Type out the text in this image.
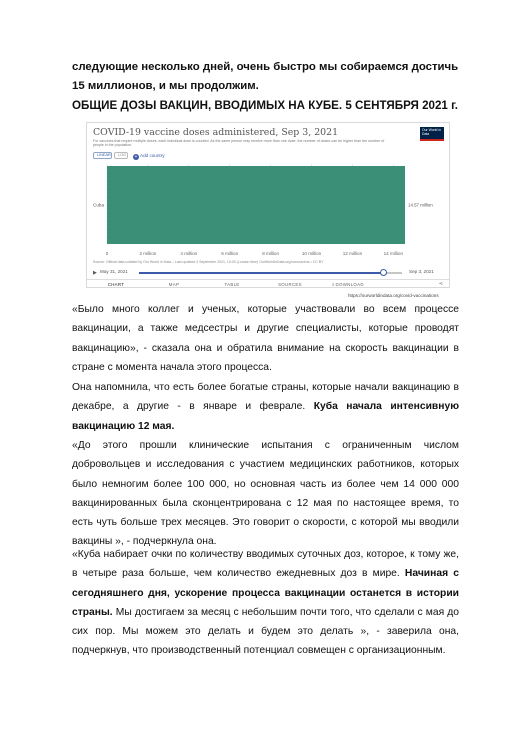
следующие несколько дней, очень быстро мы собираемся достичь 15 миллионов, и мы продолжим.

ОБЩИЕ ДОЗЫ ВАКЦИН, ВВОДИМЫХ НА КУБЕ. 5 СЕНТЯБРЯ 2021 г.
COVID-19 vaccine doses administered, Sep 3, 2021
For vaccines that require multiple doses, each individual dose is counted. As the same person may receive more than one dose, the number of doses can be higher than the number of people in the population.
Our World in Data
LINEAR	LOG	+ Add country
0	2 million	4 million	6 million	8 million	10 million	12 million	14 million
Cuba	14.57 million
Source: Official data collated by Our World in Data – Last updated 4 September 2021, 10:00 (London time) OurWorldInData.org/coronavirus • CC BY
▶ May 31, 2021	Sep 3, 2021
CHART	MAP	TABLE	SOURCES	⭳ DOWNLOAD	⋖
https://ourworldindata.org/covid-vaccinations

«Было много коллег и ученых, которые участвовали во всем процессе вакцинации, а также медсестры и другие специалисты, которые проводят вакцинацию», - сказала она и обратила внимание на скорость вакцинации в стране с момента начала этого процесса.

Она напомнила, что есть более богатые страны, которые начали вакцинацию в декабре, а другие - в январе и феврале. Куба начала интенсивную вакцинацию 12 мая.

«До этого прошли клинические испытания с ограниченным числом добровольцев и исследования с участием медицинских работников, которых было немногим более 100 000, но основная часть из более чем 14 000 000 вакцинированных была сконцентрирована с 12 мая по настоящее время, то есть чуть больше трех месяцев. Это говорит о скорости, с которой мы вводили вакцины », - подчеркнула она.

«Куба набирает очки по количеству вводимых суточных доз, которое, к тому же, в четыре раза больше, чем количество ежедневных доз в мире. Начиная с сегодняшнего дня, ускорение процесса вакцинации останется в истории страны. Мы достигаем за месяц с небольшим почти того, что сделали с мая до сих пор. Мы можем это делать и будем это делать », - заверила она, подчеркнув, что производственный потенциал совмещен с организационным.
